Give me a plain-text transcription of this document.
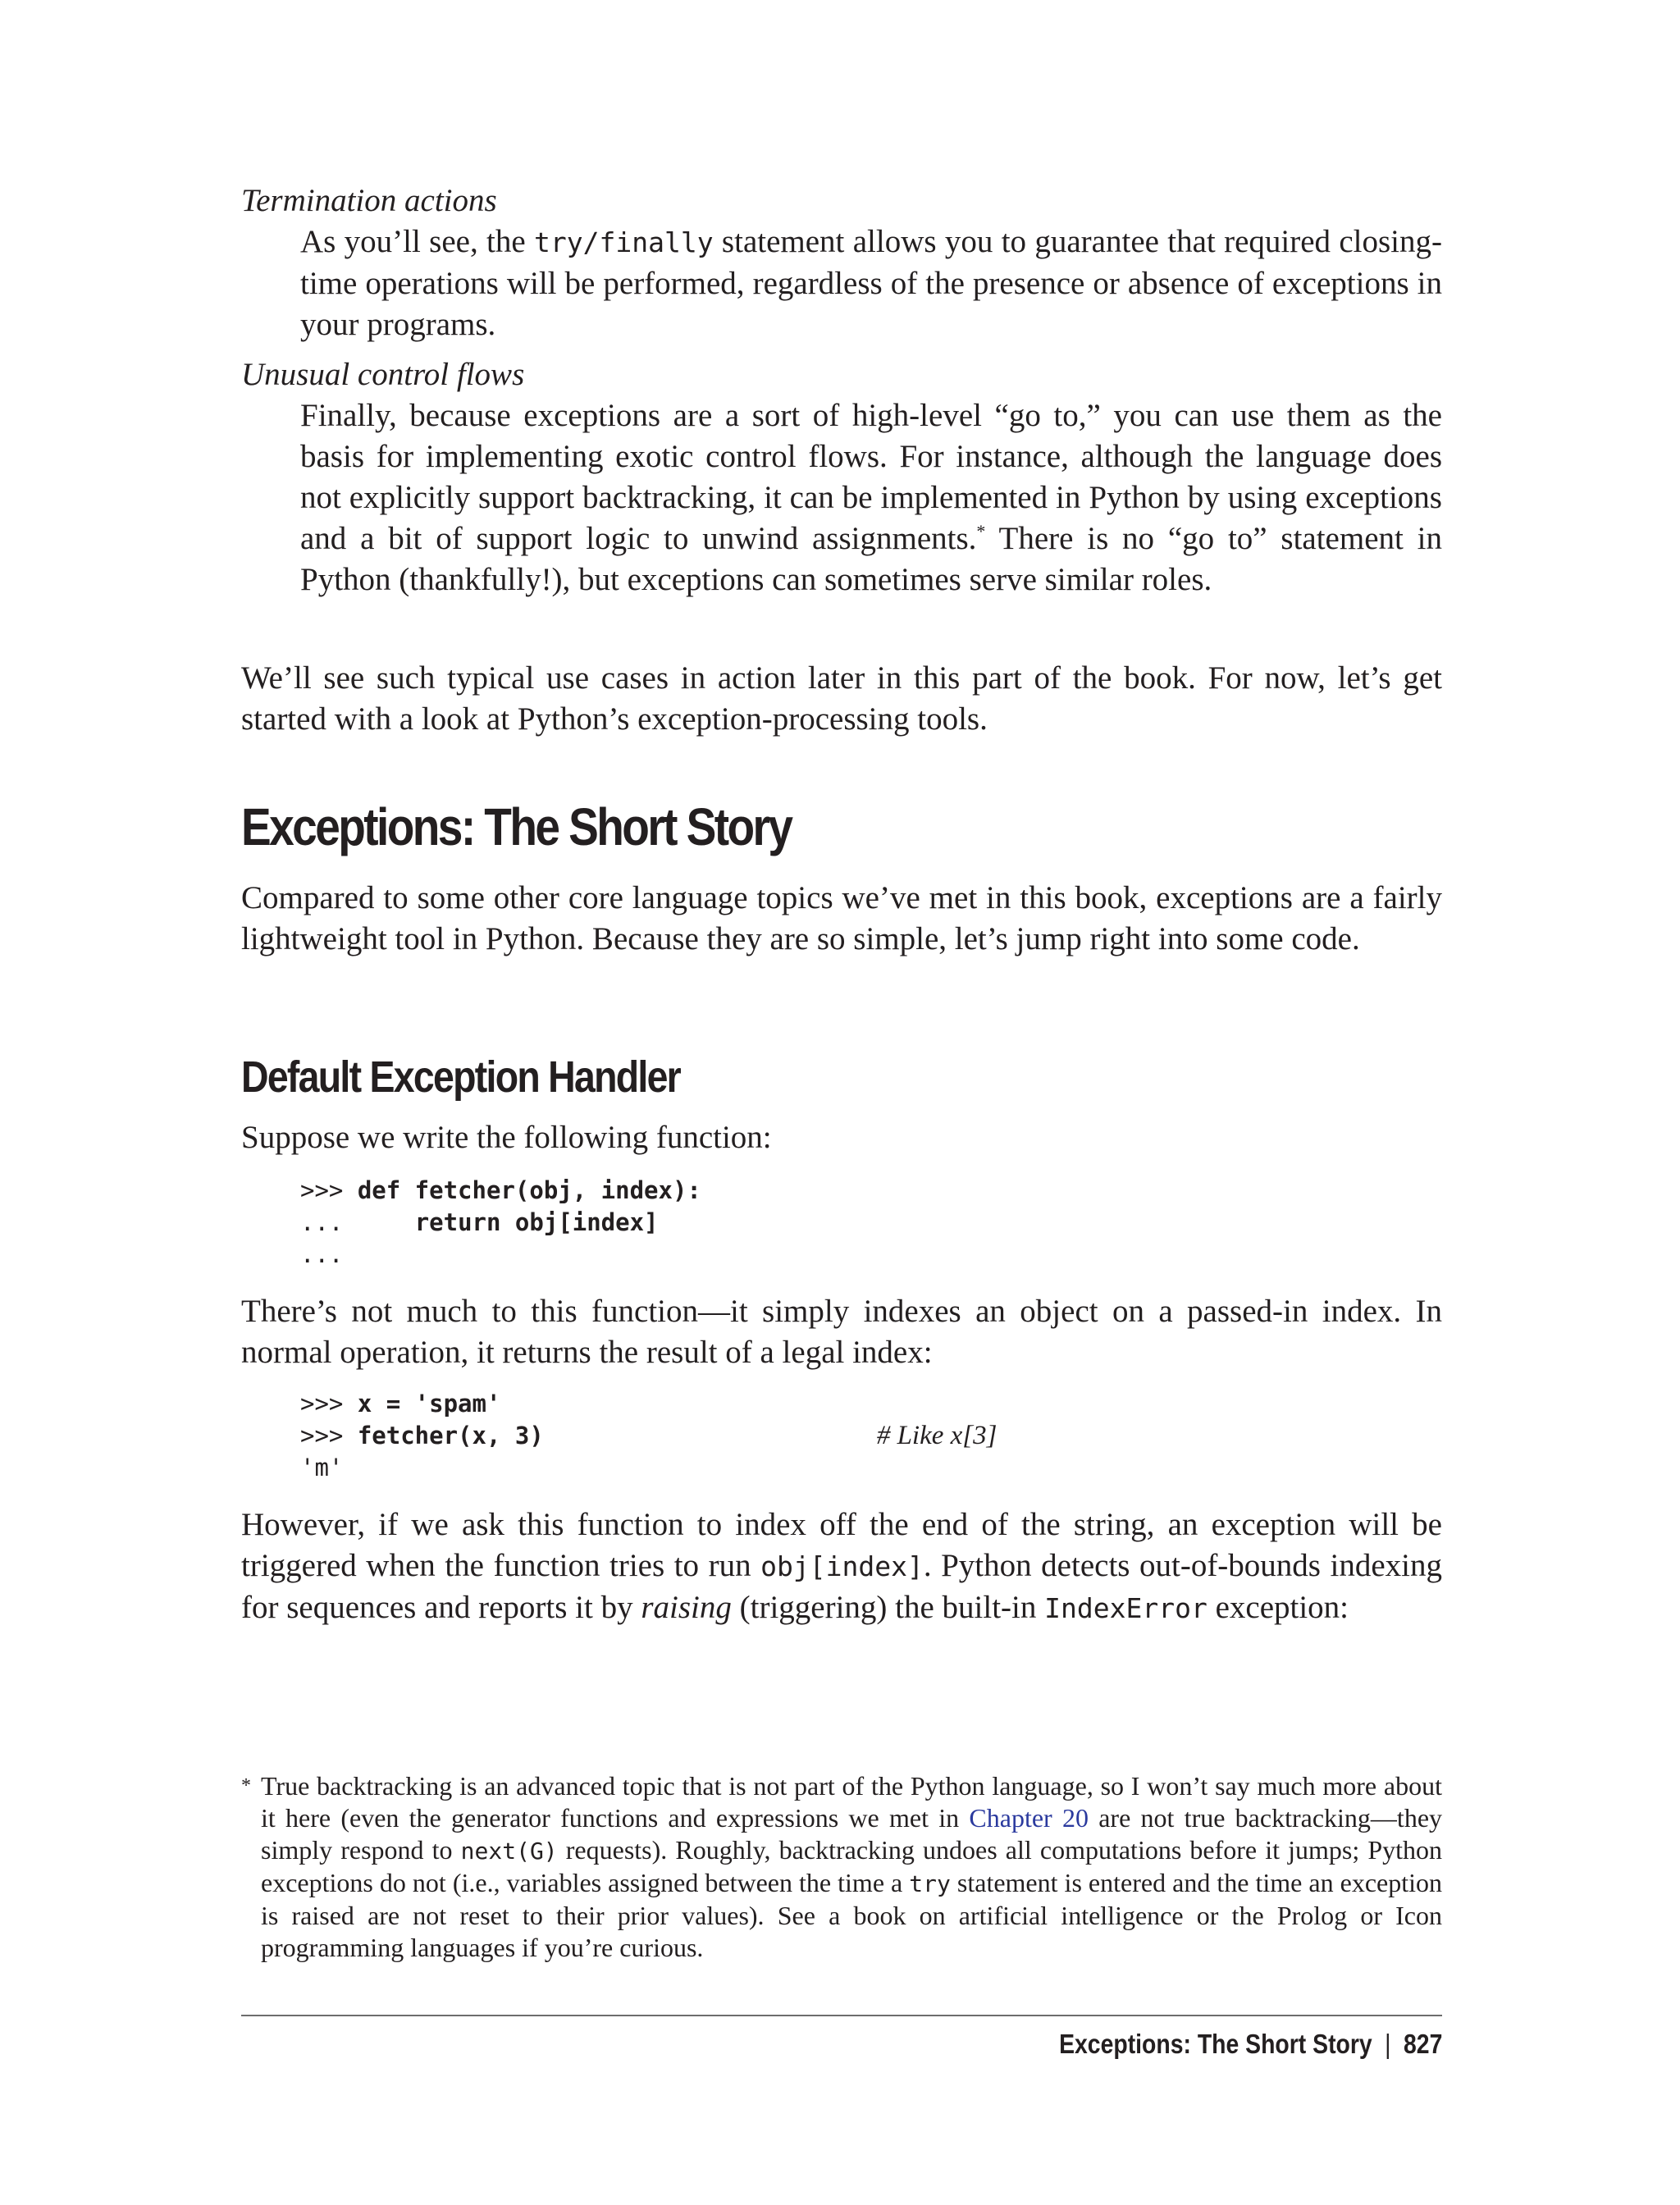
Termination actions
As you’ll see, the try/finally statement allows you to guarantee that required closing-time operations will be performed, regardless of the presence or absence of exceptions in your programs.
Unusual control flows
Finally, because exceptions are a sort of high-level “go to,” you can use them as the basis for implementing exotic control flows. For instance, although the language does not explicitly support backtracking, it can be implemented in Python by using exceptions and a bit of support logic to unwind assignments.* There is no “go to” statement in Python (thankfully!), but exceptions can sometimes serve similar roles.
We’ll see such typical use cases in action later in this part of the book. For now, let’s get started with a look at Python’s exception-processing tools.
Exceptions: The Short Story
Compared to some other core language topics we’ve met in this book, exceptions are a fairly lightweight tool in Python. Because they are so simple, let’s jump right into some code.
Default Exception Handler
Suppose we write the following function:
>>> def fetcher(obj, index):
...     return obj[index]
...
There’s not much to this function—it simply indexes an object on a passed-in index. In normal operation, it returns the result of a legal index:
>>> x = 'spam'
>>> fetcher(x, 3)	# Like x[3]
'm'
However, if we ask this function to index off the end of the string, an exception will be triggered when the function tries to run obj[index]. Python detects out-of-bounds indexing for sequences and reports it by raising (triggering) the built-in IndexError exception:
* True backtracking is an advanced topic that is not part of the Python language, so I won’t say much more about it here (even the generator functions and expressions we met in Chapter 20 are not true backtracking—they simply respond to next(G) requests). Roughly, backtracking undoes all computations before it jumps; Python exceptions do not (i.e., variables assigned between the time a try statement is entered and the time an exception is raised are not reset to their prior values). See a book on artificial intelligence or the Prolog or Icon programming languages if you’re curious.
Exceptions: The Short Story | 827
